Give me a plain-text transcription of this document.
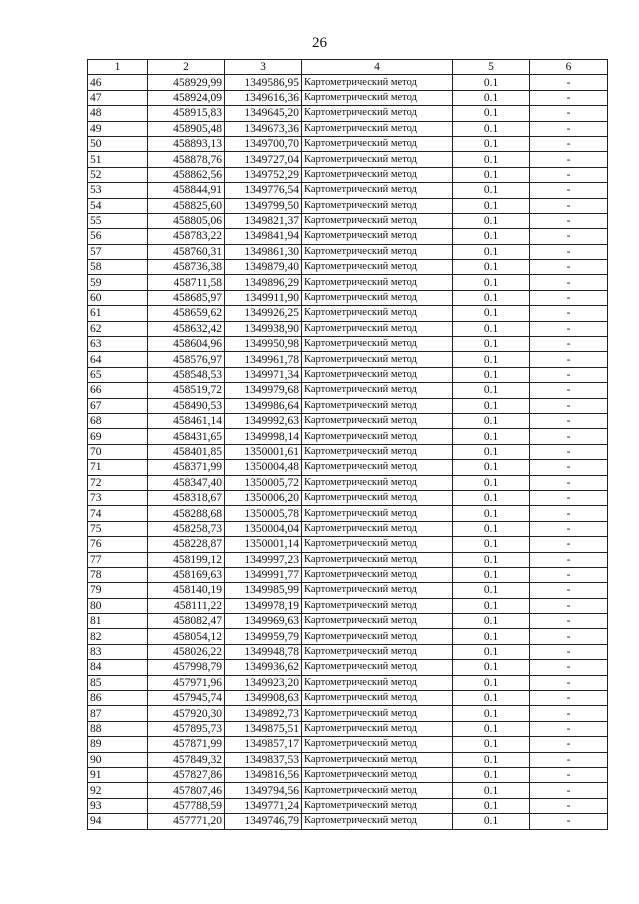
26
1	2	3	4	5	6
46	458929,99	1349586,95	Картометрический метод	0.1	-
47	458924,09	1349616,36	Картометрический метод	0.1	-
48	458915,83	1349645,20	Картометрический метод	0.1	-
49	458905,48	1349673,36	Картометрический метод	0.1	-
50	458893,13	1349700,70	Картометрический метод	0.1	-
51	458878,76	1349727,04	Картометрический метод	0.1	-
52	458862,56	1349752,29	Картометрический метод	0.1	-
53	458844,91	1349776,54	Картометрический метод	0.1	-
54	458825,60	1349799,50	Картометрический метод	0.1	-
55	458805,06	1349821,37	Картометрический метод	0.1	-
56	458783,22	1349841,94	Картометрический метод	0.1	-
57	458760,31	1349861,30	Картометрический метод	0.1	-
58	458736,38	1349879,40	Картометрический метод	0.1	-
59	458711,58	1349896,29	Картометрический метод	0.1	-
60	458685,97	1349911,90	Картометрический метод	0.1	-
61	458659,62	1349926,25	Картометрический метод	0.1	-
62	458632,42	1349938,90	Картометрический метод	0.1	-
63	458604,96	1349950,98	Картометрический метод	0.1	-
64	458576,97	1349961,78	Картометрический метод	0.1	-
65	458548,53	1349971,34	Картометрический метод	0.1	-
66	458519,72	1349979,68	Картометрический метод	0.1	-
67	458490,53	1349986,64	Картометрический метод	0.1	-
68	458461,14	1349992,63	Картометрический метод	0.1	-
69	458431,65	1349998,14	Картометрический метод	0.1	-
70	458401,85	1350001,61	Картометрический метод	0.1	-
71	458371,99	1350004,48	Картометрический метод	0.1	-
72	458347,40	1350005,72	Картометрический метод	0.1	-
73	458318,67	1350006,20	Картометрический метод	0.1	-
74	458288,68	1350005,78	Картометрический метод	0.1	-
75	458258,73	1350004,04	Картометрический метод	0.1	-
76	458228,87	1350001,14	Картометрический метод	0.1	-
77	458199,12	1349997,23	Картометрический метод	0.1	-
78	458169,63	1349991,77	Картометрический метод	0.1	-
79	458140,19	1349985,99	Картометрический метод	0.1	-
80	458111,22	1349978,19	Картометрический метод	0.1	-
81	458082,47	1349969,63	Картометрический метод	0.1	-
82	458054,12	1349959,79	Картометрический метод	0.1	-
83	458026,22	1349948,78	Картометрический метод	0.1	-
84	457998,79	1349936,62	Картометрический метод	0.1	-
85	457971,96	1349923,20	Картометрический метод	0.1	-
86	457945,74	1349908,63	Картометрический метод	0.1	-
87	457920,30	1349892,73	Картометрический метод	0.1	-
88	457895,73	1349875,51	Картометрический метод	0.1	-
89	457871,99	1349857,17	Картометрический метод	0.1	-
90	457849,32	1349837,53	Картометрический метод	0.1	-
91	457827,86	1349816,56	Картометрический метод	0.1	-
92	457807,46	1349794,56	Картометрический метод	0.1	-
93	457788,59	1349771,24	Картометрический метод	0.1	-
94	457771,20	1349746,79	Картометрический метод	0.1	-
